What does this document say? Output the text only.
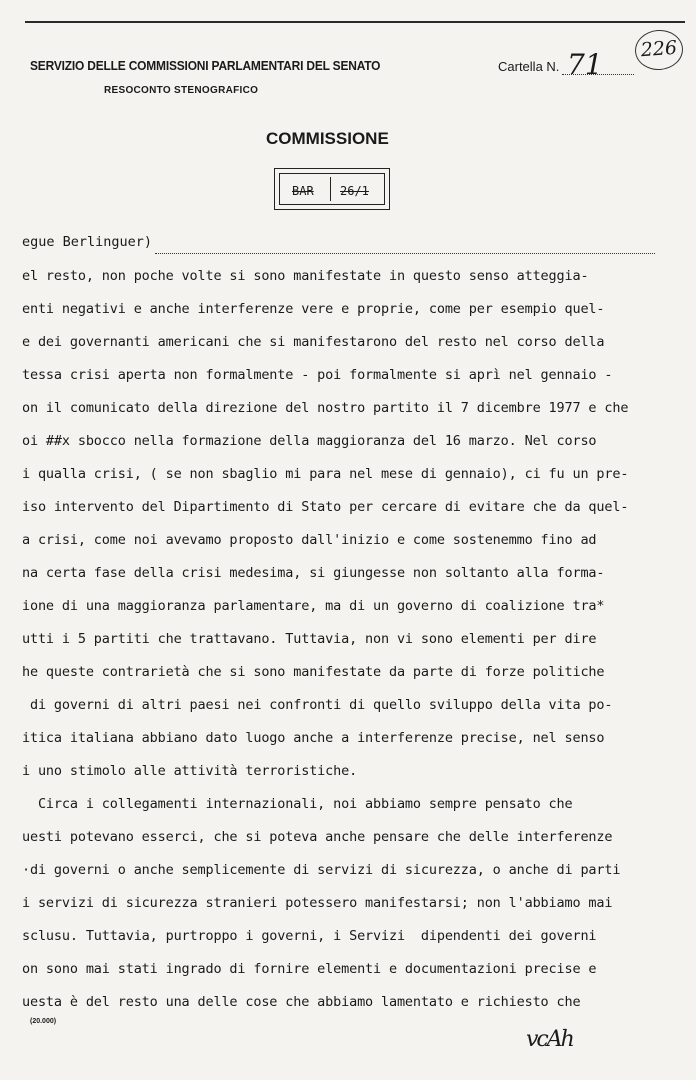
SERVIZIO DELLE COMMISSIONI PARLAMENTARI DEL SENATO
RESOCONTO STENOGRAFICO
Cartella N. 71	226
COMMISSIONE
BAR 26/1
egue Berlinguer)
el resto, non poche volte si sono manifestate in questo senso atteggia-
enti negativi e anche interferenze vere e proprie, come per esempio quel-
e dei governanti americani che si manifestarono del resto nel corso della
tessa crisi aperta non formalmente - poi formalmente si aprì nel gennaio -
on il comunicato della direzione del nostro partito il 7 dicembre 1977 e che
oi ##x sbocco nella formazione della maggioranza del 16 marzo. Nel corso
i qualla crisi, ( se non sbaglio mi para nel mese di gennaio), ci fu un pre-
iso intervento del Dipartimento di Stato per cercare di evitare che da quel-
a crisi, come noi avevamo proposto dall'inizio e come sostenemmo fino ad
na certa fase della crisi medesima, si giungesse non soltanto alla forma-
ione di una maggioranza parlamentare, ma di un governo di coalizione tra*
utti i 5 partiti che trattavano. Tuttavia, non vi sono elementi per dire
he queste contrarietà che si sono manifestate da parte di forze politiche
di governi di altri paesi nei confronti di quello sviluppo della vita po-
itica italiana abbiano dato luogo anche a interferenze precise, nel senso
i uno stimolo alle attività terroristiche.
Circa i collegamenti internazionali, noi abbiamo sempre pensato che
uesti potevano esserci, che si poteva anche pensare che delle interferenze
·di governi o anche semplicemente di servizi di sicurezza, o anche di parti
i servizi di sicurezza stranieri potessero manifestarsi; non l'abbiamo mai
sclusu. Tuttavia, purtroppo i governi, i Servizi  dipendenti dei governi
on sono mai stati ingrado di fornire elementi e documentazioni precise e
uesta è del resto una delle cose che abbiamo lamentato e richiesto che
(20.000)
vcAh
